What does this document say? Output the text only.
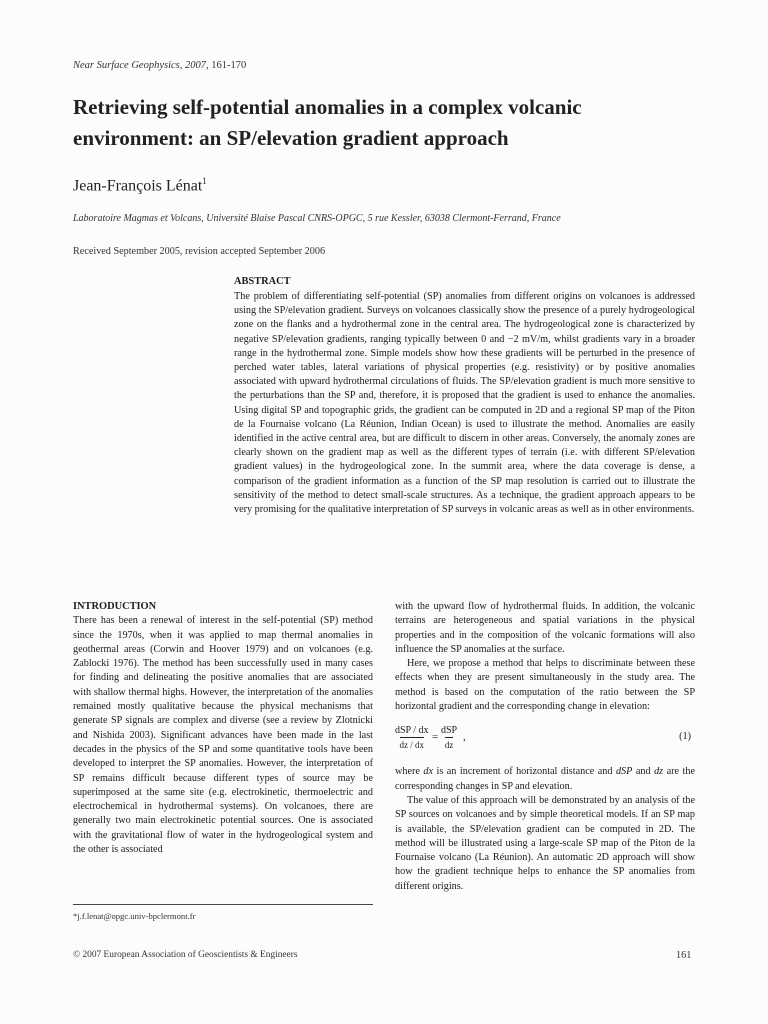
Near Surface Geophysics, 2007, 161-170
Retrieving self-potential anomalies in a complex volcanic environment: an SP/elevation gradient approach
Jean-François Lénat$^1$
Laboratoire Magmas et Volcans, Université Blaise Pascal CNRS-OPGC, 5 rue Kessler, 63038 Clermont-Ferrand, France
Received September 2005, revision accepted September 2006
ABSTRACT

The problem of differentiating self-potential (SP) anomalies from different origins on volcanoes is addressed using the SP/elevation gradient. Surveys on volcanoes classically show the presence of a purely hydrogeological zone on the flanks and a hydrothermal zone in the central area. The hydrogeological zone is characterized by negative SP/elevation gradients, ranging typically between 0 and −2 mV/m, whilst gradients vary in a broader range in the hydrothermal zone. Simple models show how these gradients will be perturbed in the presence of perched water tables, lateral variations of physical properties (e.g. resistivity) or by positive anomalies associated with upward hydrothermal circulations of fluids. The SP/elevation gradient is much more sensitive to the perturbations than the SP and, therefore, it is proposed that the gradient is used to enhance the anomalies. Using digital SP and topographic grids, the gradient can be computed in 2D and a regional SP map of the Piton de la Fournaise volcano (La Réunion, Indian Ocean) is used to illustrate the method. Anomalies are easily identified in the active central area, but are difficult to discern in other areas. Conversely, the anomaly zones are clearly shown on the gradient map as well as the different types of terrain (i.e. with different SP/elevation gradient values) in the hydrogeological zone. In the summit area, where the data coverage is dense, a comparison of the gradient information as a function of the SP map resolution is carried out to illustrate the sensitivity of the method to detect small-scale structures. As a technique, the gradient approach appears to be very promising for the qualitative interpretation of SP surveys in volcanic areas as well as in other environments.

INTRODUCTION

There has been a renewal of interest in the self-potential (SP) method since the 1970s, when it was applied to map thermal anomalies in geothermal areas (Corwin and Hoover 1979) and on volcanoes (e.g. Zablocki 1976). The method has been successfully used in many cases for finding and delineating the positive anomalies that are associated with shallow thermal highs. However, the interpretation of the anomalies remained mostly qualitative because the physical mechanisms that generate SP signals are complex and diverse (see a review by Zlotnicki and Nishida 2003). Significant advances have been made in the last decades in the physics of the SP and some quantitative tools have been developed to interpret the SP anomalies. However, the interpretation of SP remains difficult because different types of source may be superimposed at the same site (e.g. electrokinetic, thermoelectric and electrochemical in hydrothermal systems). On volcanoes, there are generally two main electrokinetic potential sources. One is associated with the gravitational flow of water in the hydrogeological system and the other is associated

with the upward flow of hydrothermal fluids. In addition, the volcanic terrains are heterogeneous and spatial variations in the physical properties and in the composition of the volcanic formations will also influence the SP anomalies at the surface.

Here, we propose a method that helps to discriminate between these effects when they are present simultaneously in the study area. The method is based on the computation of the ratio between the SP horizontal gradient and the corresponding change in elevation:

dSP / dx
dz / dx
=
dSP
dz
,	(1)

where dx is an increment of horizontal distance and dSP and dz are the corresponding changes in SP and elevation.

The value of this approach will be demonstrated by an analysis of the SP sources on volcanoes and by simple theoretical models. If an SP map is available, the SP/elevation gradient can be computed in 2D. The method will be illustrated using a large-scale SP map of the Piton de la Fournaise volcano (La Réunion). An automatic 2D approach will show how the gradient technique helps to enhance the SP anomalies from different origins.

*j.f.lenat@opgc.univ-bpclermont.fr
© 2007 European Association of Geoscientists & Engineers	161
